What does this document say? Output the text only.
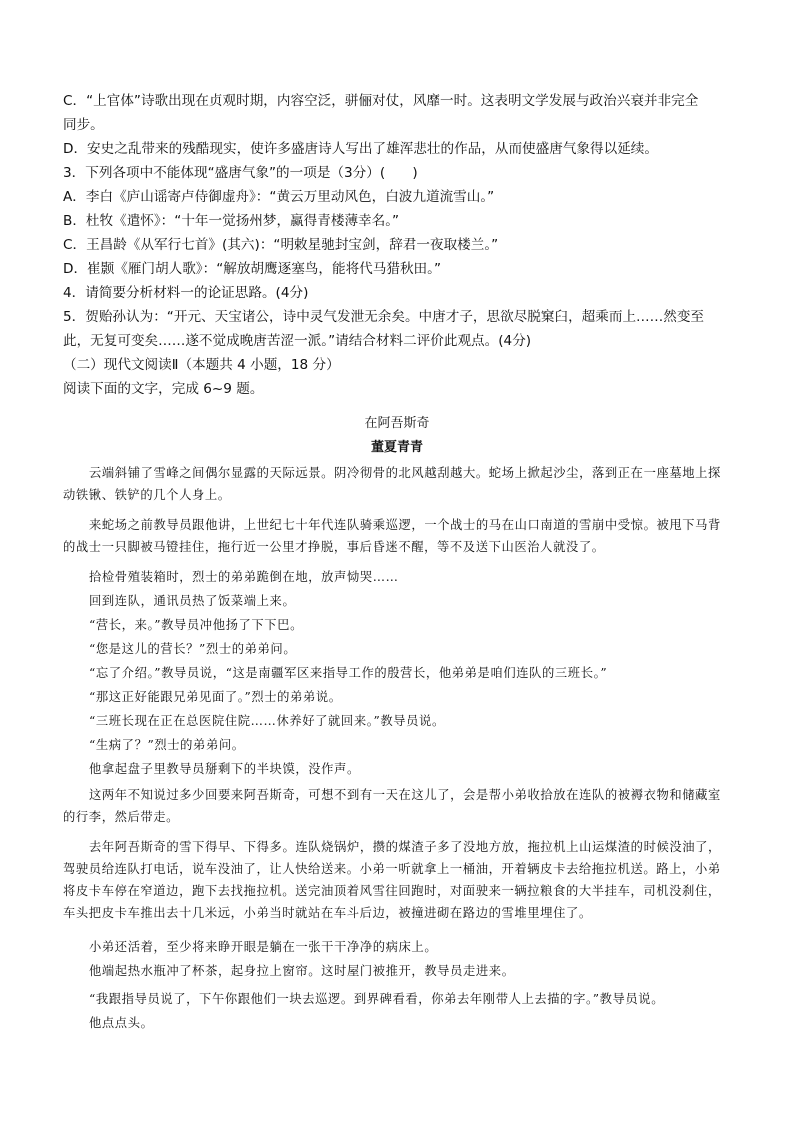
C．“上官体”诗歌出现在贞观时期，内容空泛，骈俪对仗，风靡一时。这表明文学发展与政治兴衰并非完全
同步。
D．安史之乱带来的残酷现实，使许多盛唐诗人写出了雄浑悲壮的作品，从而使盛唐气象得以延续。
3．下列各项中不能体现“盛唐气象”的一项是（3分）(　　)
A．李白《庐山谣寄卢侍御虚舟》：“黄云万里动风色，白波九道流雪山。”
B．杜牧《遣怀》：“十年一觉扬州梦，赢得青楼薄幸名。”
C．王昌龄《从军行七首》(其六)：“明敕星驰封宝剑，辞君一夜取楼兰。”
D．崔颢《雁门胡人歌》：“解放胡鹰逐塞鸟，能将代马猎秋田。”
4．请简要分析材料一的论证思路。(4分)
5．贺贻孙认为：“开元、天宝诸公，诗中灵气发泄无余矣。中唐才子，思欲尽脱窠臼，超乘而上……然变至
此，无复可变矣……遂不觉成晚唐苦涩一派。”请结合材料二评价此观点。(4分)
（二）现代文阅读Ⅱ（本题共 4 小题，18 分）
阅读下面的文字，完成 6~9 题。
在阿吾斯奇
董夏青青
云端斜铺了雪峰之间偶尔显露的天际远景。阴冷彻骨的北风越刮越大。蛇场上掀起沙尘，落到正在一座墓地上探动铁锹、铁铲的几个人身上。
来蛇场之前教导员跟他讲，上世纪七十年代连队骑乘巡逻，一个战士的马在山口南道的雪崩中受惊。被甩下马背的战士一只脚被马镫挂住，拖行近一公里才挣脱，事后昏迷不醒，等不及送下山医治人就没了。
拾检骨殖装箱时，烈士的弟弟跪倒在地，放声恸哭……
回到连队，通讯员热了饭菜端上来。
“营长，来。”教导员冲他扬了下下巴。
“您是这儿的营长？”烈士的弟弟问。
“忘了介绍。”教导员说，“这是南疆军区来指导工作的殷营长，他弟弟是咱们连队的三班长。”
“那这正好能跟兄弟见面了。”烈士的弟弟说。
“三班长现在正在总医院住院……休养好了就回来。”教导员说。
“生病了？”烈士的弟弟问。
他拿起盘子里教导员掰剩下的半块馍，没作声。
这两年不知说过多少回要来阿吾斯奇，可想不到有一天在这儿了，会是帮小弟收拾放在连队的被褥衣物和储藏室的行李，然后带走。
去年阿吾斯奇的雪下得早、下得多。连队烧锅炉，攒的煤渣子多了没地方放，拖拉机上山运煤渣的时候没油了，驾驶员给连队打电话，说车没油了，让人快给送来。小弟一听就拿上一桶油，开着辆皮卡去给拖拉机送。路上，小弟将皮卡车停在窄道边，跑下去找拖拉机。送完油顶着风雪往回跑时，对面驶来一辆拉粮食的大半挂车，司机没刹住，车头把皮卡车推出去十几米远，小弟当时就站在车斗后边，被撞进砌在路边的雪堆里埋住了。
小弟还活着，至少将来睁开眼是躺在一张干干净净的病床上。
他端起热水瓶冲了杯茶，起身拉上窗帘。这时屋门被推开，教导员走进来。
“我跟指导员说了，下午你跟他们一块去巡逻。到界碑看看，你弟去年刚带人上去描的字。”教导员说。
他点点头。
